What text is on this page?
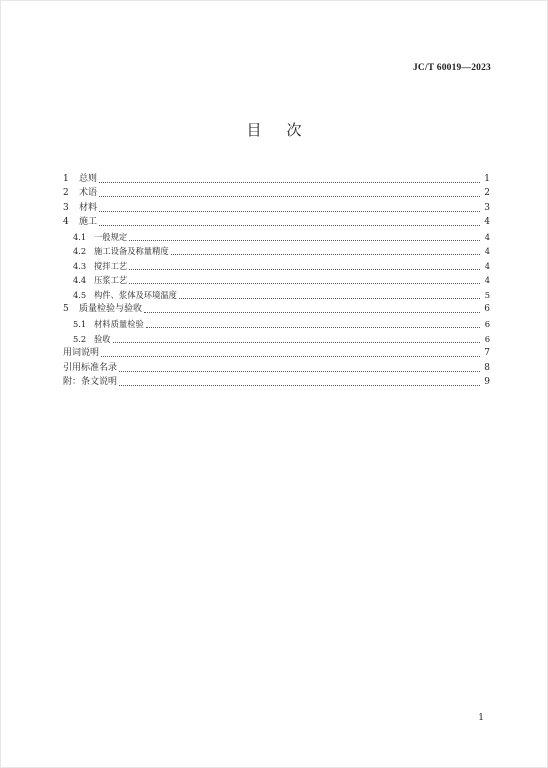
JC/T 60019—2023
目 次
1	总则	1
2	术语	2
3	材料	3
4	施工	4
4.1 一般规定	4
4.2 施工设备及称量精度	4
4.3 搅拌工艺	4
4.4 压浆工艺	4
4.5 构件、浆体及环境温度	5
5	质量检验与验收	6
5.1 材料质量检验	6
5.2 验收	6
用词说明	7
引用标准名录	8
附：条文说明	9
1
